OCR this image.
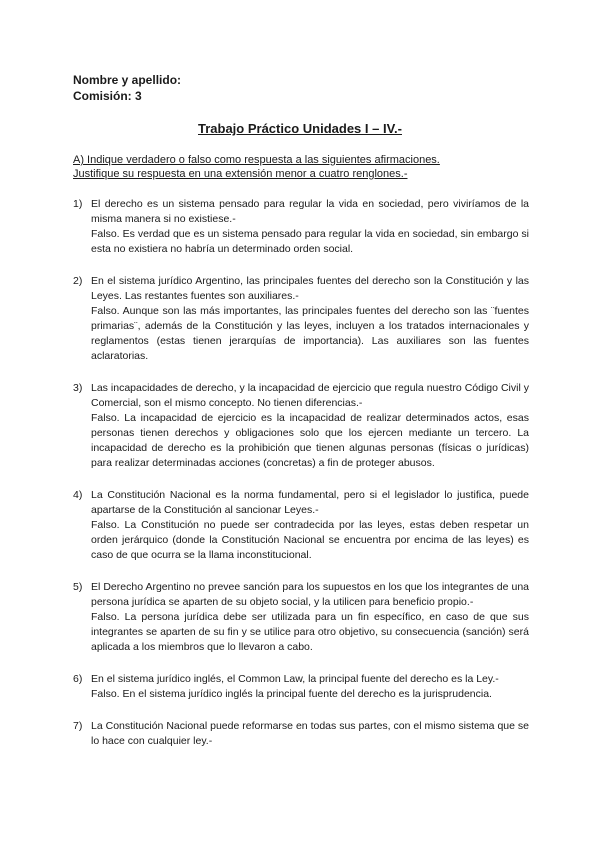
Nombre y apellido:
Comisión: 3
Trabajo Práctico Unidades I – IV.-
A) Indique verdadero o falso como respuesta a las siguientes afirmaciones.
Justifique su respuesta en una extensión menor a cuatro renglones.-
1) El derecho es un sistema pensado para regular la vida en sociedad, pero viviríamos de la misma manera si no existiese.-

Falso. Es verdad que es un sistema pensado para regular la vida en sociedad, sin embargo si esta no existiera no habría un determinado orden social.

2) En el sistema jurídico Argentino, las principales fuentes del derecho son la Constitución y las Leyes. Las restantes fuentes son auxiliares.-

Falso. Aunque son las más importantes, las principales fuentes del derecho son las ¨fuentes primarias¨, además de la Constitución y las leyes, incluyen a los tratados internacionales y reglamentos (estas tienen jerarquías de importancia). Las auxiliares son las fuentes aclaratorias.

3) Las incapacidades de derecho, y la incapacidad de ejercicio que regula nuestro Código Civil y Comercial, son el mismo concepto. No tienen diferencias.-

Falso. La incapacidad de ejercicio es la incapacidad de realizar determinados actos, esas personas tienen derechos y obligaciones solo que los ejercen mediante un tercero. La incapacidad de derecho es la prohibición que tienen algunas personas (físicas o jurídicas) para realizar determinadas acciones (concretas) a fin de proteger abusos.

4) La Constitución Nacional es la norma fundamental, pero si el legislador lo justifica, puede apartarse de la Constitución al sancionar Leyes.-

Falso. La Constitución no puede ser contradecida por las leyes, estas deben respetar un orden jerárquico (donde la Constitución Nacional se encuentra por encima de las leyes) es caso de que ocurra se la llama inconstitucional.

5) El Derecho Argentino no prevee sanción para los supuestos en los que los integrantes de una persona jurídica se aparten de su objeto social, y la utilicen para beneficio propio.-

Falso. La persona jurídica debe ser utilizada para un fin específico, en caso de que sus integrantes se aparten de su fin y se utilice para otro objetivo, su consecuencia (sanción) será aplicada a los miembros que lo llevaron a cabo.

6) En el sistema jurídico inglés, el Common Law, la principal fuente del derecho es la Ley.-

Falso. En el sistema jurídico inglés la principal fuente del derecho es la jurisprudencia.

7) La Constitución Nacional puede reformarse en todas sus partes, con el mismo sistema que se lo hace con cualquier ley.-
